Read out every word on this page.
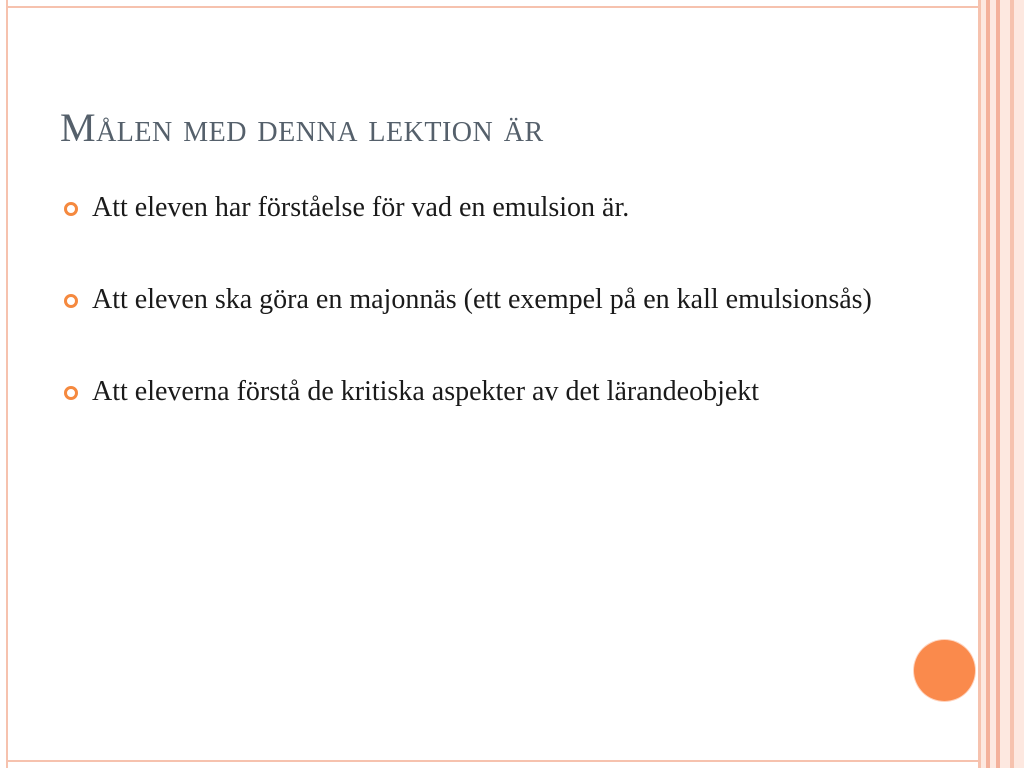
Målen med denna lektion är
Att eleven har förståelse för vad en emulsion är.
Att eleven ska göra en majonnäs (ett exempel på en kall emulsionsås)
Att eleverna förstå de kritiska aspekter av det lärandeobjekt
